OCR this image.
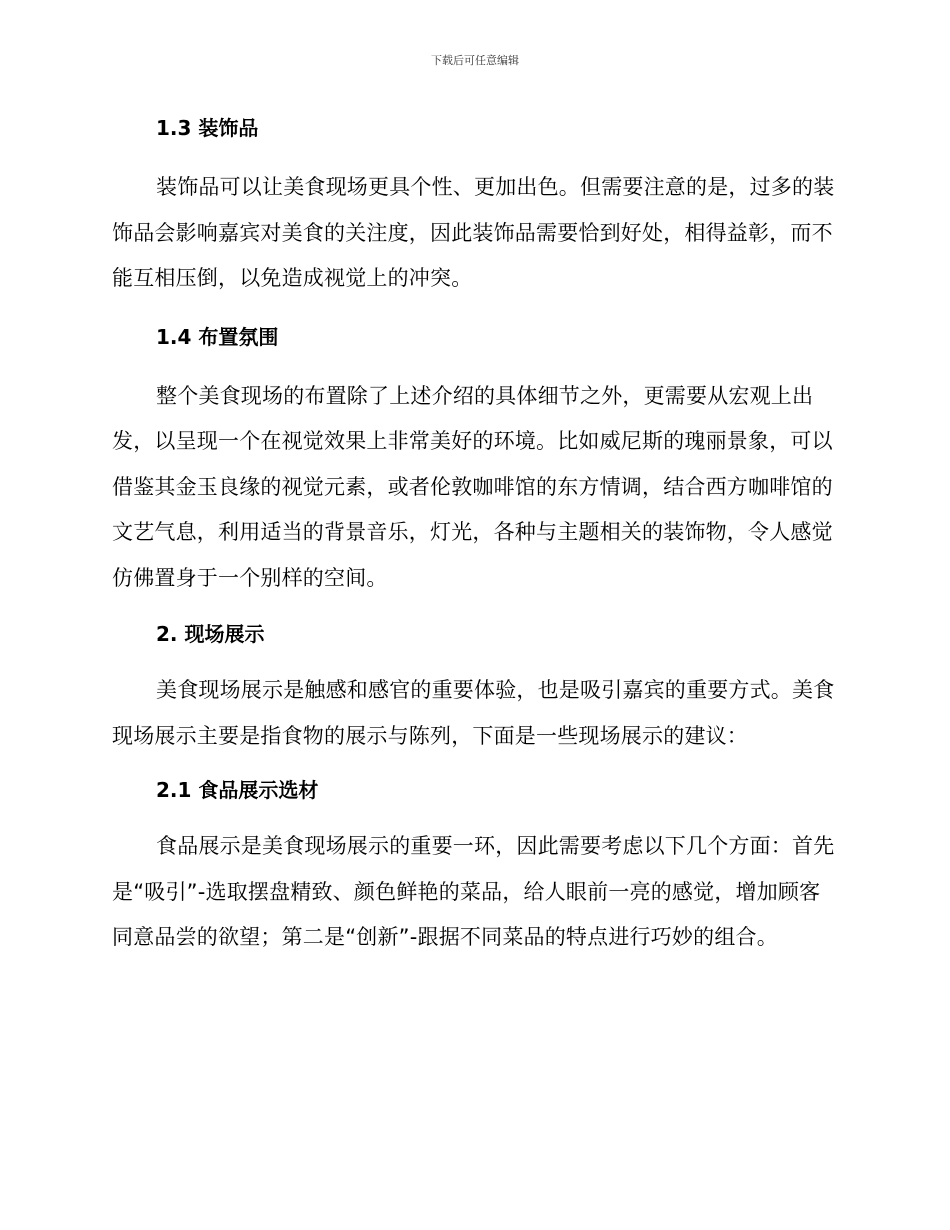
下载后可任意编辑
1.3 装饰品

装饰品可以让美食现场更具个性、更加出色。但需要注意的是，过多的装饰品会影响嘉宾对美食的关注度，因此装饰品需要恰到好处，相得益彰，而不能互相压倒，以免造成视觉上的冲突。

1.4 布置氛围

整个美食现场的布置除了上述介绍的具体细节之外，更需要从宏观上出发，以呈现一个在视觉效果上非常美好的环境。比如威尼斯的瑰丽景象，可以借鉴其金玉良缘的视觉元素，或者伦敦咖啡馆的东方情调，结合西方咖啡馆的文艺气息，利用适当的背景音乐，灯光，各种与主题相关的装饰物，令人感觉仿佛置身于一个别样的空间。

2. 现场展示

美食现场展示是触感和感官的重要体验，也是吸引嘉宾的重要方式。美食现场展示主要是指食物的展示与陈列，下面是一些现场展示的建议：

2.1 食品展示选材

食品展示是美食现场展示的重要一环，因此需要考虑以下几个方面：首先是“吸引”-选取摆盘精致、颜色鲜艳的菜品，给人眼前一亮的感觉，增加顾客同意品尝的欲望；第二是“创新”-跟据不同菜品的特点进行巧妙的组合。
